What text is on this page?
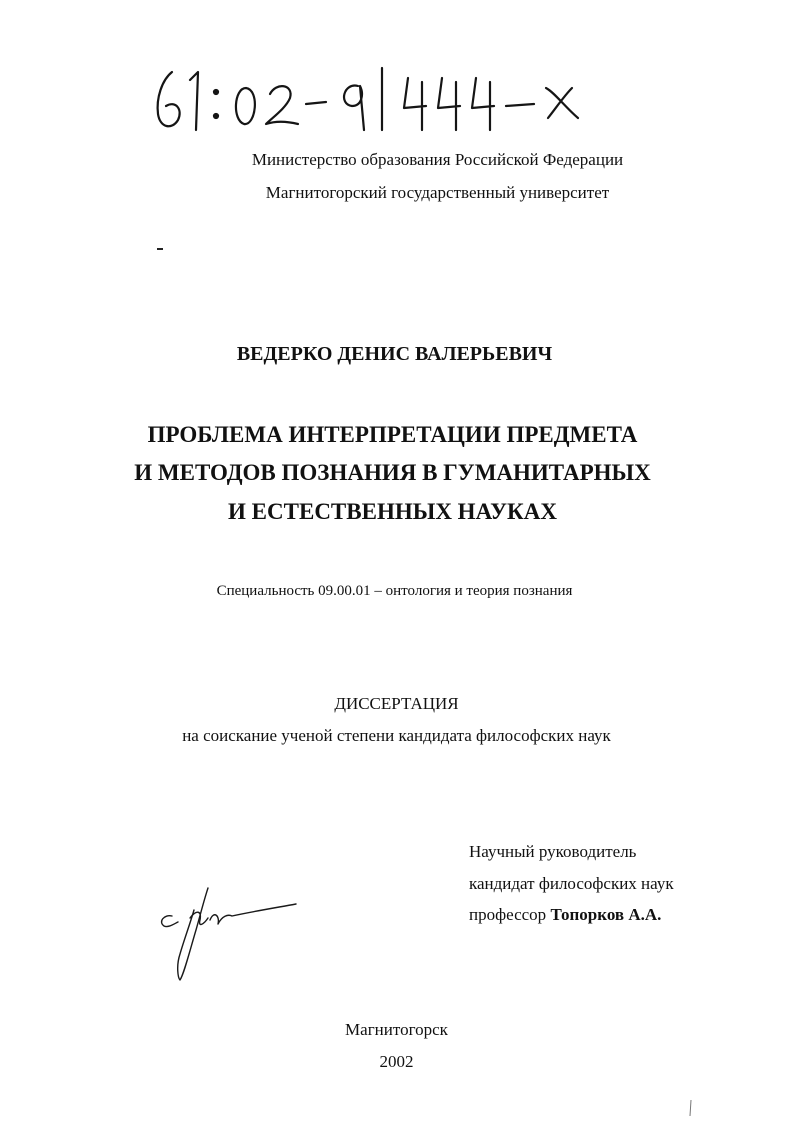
Министерство образования Российской Федерации
Магнитогорский государственный университет
ВЕДЕРКО ДЕНИС ВАЛЕРЬЕВИЧ
ПРОБЛЕМА ИНТЕРПРЕТАЦИИ ПРЕДМЕТА
И МЕТОДОВ ПОЗНАНИЯ В ГУМАНИТАРНЫХ
И ЕСТЕСТВЕННЫХ НАУКАХ
Специальность 09.00.01 – онтология и теория познания
ДИССЕРТАЦИЯ
на соискание ученой степени кандидата философских наук
Научный руководитель
кандидат философских наук
профессор Топорков А.А.
Магнитогорск
2002
